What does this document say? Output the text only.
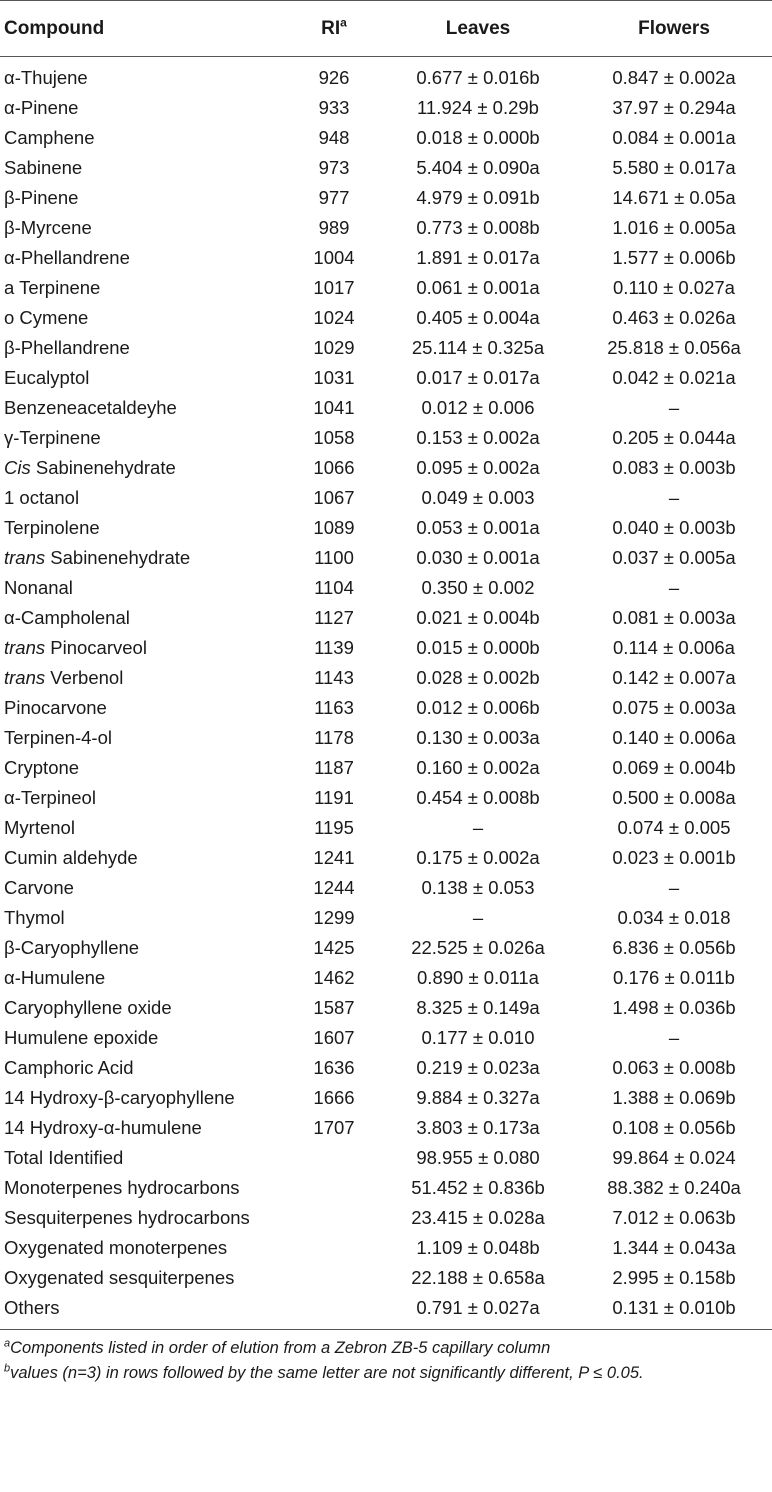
Compound	$RI^a$	Leaves	Flowers
α-Thujene	926	0.677 ± 0.016b	0.847 ± 0.002a
α-Pinene	933	11.924 ± 0.29b	37.97 ± 0.294a
Camphene	948	0.018 ± 0.000b	0.084 ± 0.001a
Sabinene	973	5.404 ± 0.090a	5.580 ± 0.017a
β-Pinene	977	4.979 ± 0.091b	14.671 ± 0.05a
β-Myrcene	989	0.773 ± 0.008b	1.016 ± 0.005a
α-Phellandrene	1004	1.891 ± 0.017a	1.577 ± 0.006b
a Terpinene	1017	0.061 ± 0.001a	0.110 ± 0.027a
o Cymene	1024	0.405 ± 0.004a	0.463 ± 0.026a
β-Phellandrene	1029	25.114 ± 0.325a	25.818 ± 0.056a
Eucalyptol	1031	0.017 ± 0.017a	0.042 ± 0.021a
Benzeneacetaldeyhe	1041	0.012 ± 0.006	–
γ-Terpinene	1058	0.153 ± 0.002a	0.205 ± 0.044a
Cis Sabinenehydrate	1066	0.095 ± 0.002a	0.083 ± 0.003b
1 octanol	1067	0.049 ± 0.003	–
Terpinolene	1089	0.053 ± 0.001a	0.040 ± 0.003b
trans Sabinenehydrate	1100	0.030 ± 0.001a	0.037 ± 0.005a
Nonanal	1104	0.350 ± 0.002	–
α-Campholenal	1127	0.021 ± 0.004b	0.081 ± 0.003a
trans Pinocarveol	1139	0.015 ± 0.000b	0.114 ± 0.006a
trans Verbenol	1143	0.028 ± 0.002b	0.142 ± 0.007a
Pinocarvone	1163	0.012 ± 0.006b	0.075 ± 0.003a
Terpinen-4-ol	1178	0.130 ± 0.003a	0.140 ± 0.006a
Cryptone	1187	0.160 ± 0.002a	0.069 ± 0.004b
α-Terpineol	1191	0.454 ± 0.008b	0.500 ± 0.008a
Myrtenol	1195	–	0.074 ± 0.005
Cumin aldehyde	1241	0.175 ± 0.002a	0.023 ± 0.001b
Carvone	1244	0.138 ± 0.053	–
Thymol	1299	–	0.034 ± 0.018
β-Caryophyllene	1425	22.525 ± 0.026a	6.836 ± 0.056b
α-Humulene	1462	0.890 ± 0.011a	0.176 ± 0.011b
Caryophyllene oxide	1587	8.325 ± 0.149a	1.498 ± 0.036b
Humulene epoxide	1607	0.177 ± 0.010	–
Camphoric Acid	1636	0.219 ± 0.023a	0.063 ± 0.008b
14 Hydroxy-β-caryophyllene	1666	9.884 ± 0.327a	1.388 ± 0.069b
14 Hydroxy-α-humulene	1707	3.803 ± 0.173a	0.108 ± 0.056b
Total Identified		98.955 ± 0.080	99.864 ± 0.024
Monoterpenes hydrocarbons		51.452 ± 0.836b	88.382 ± 0.240a
Sesquiterpenes hydrocarbons		23.415 ± 0.028a	7.012 ± 0.063b
Oxygenated monoterpenes		1.109 ± 0.048b	1.344 ± 0.043a
Oxygenated sesquiterpenes		22.188 ± 0.658a	2.995 ± 0.158b
Others		0.791 ± 0.027a	0.131 ± 0.010b
$^a$Components listed in order of elution from a Zebron ZB-5 capillary column
$^b$values (n=3) in rows followed by the same letter are not significantly different, P ≤ 0.05.
